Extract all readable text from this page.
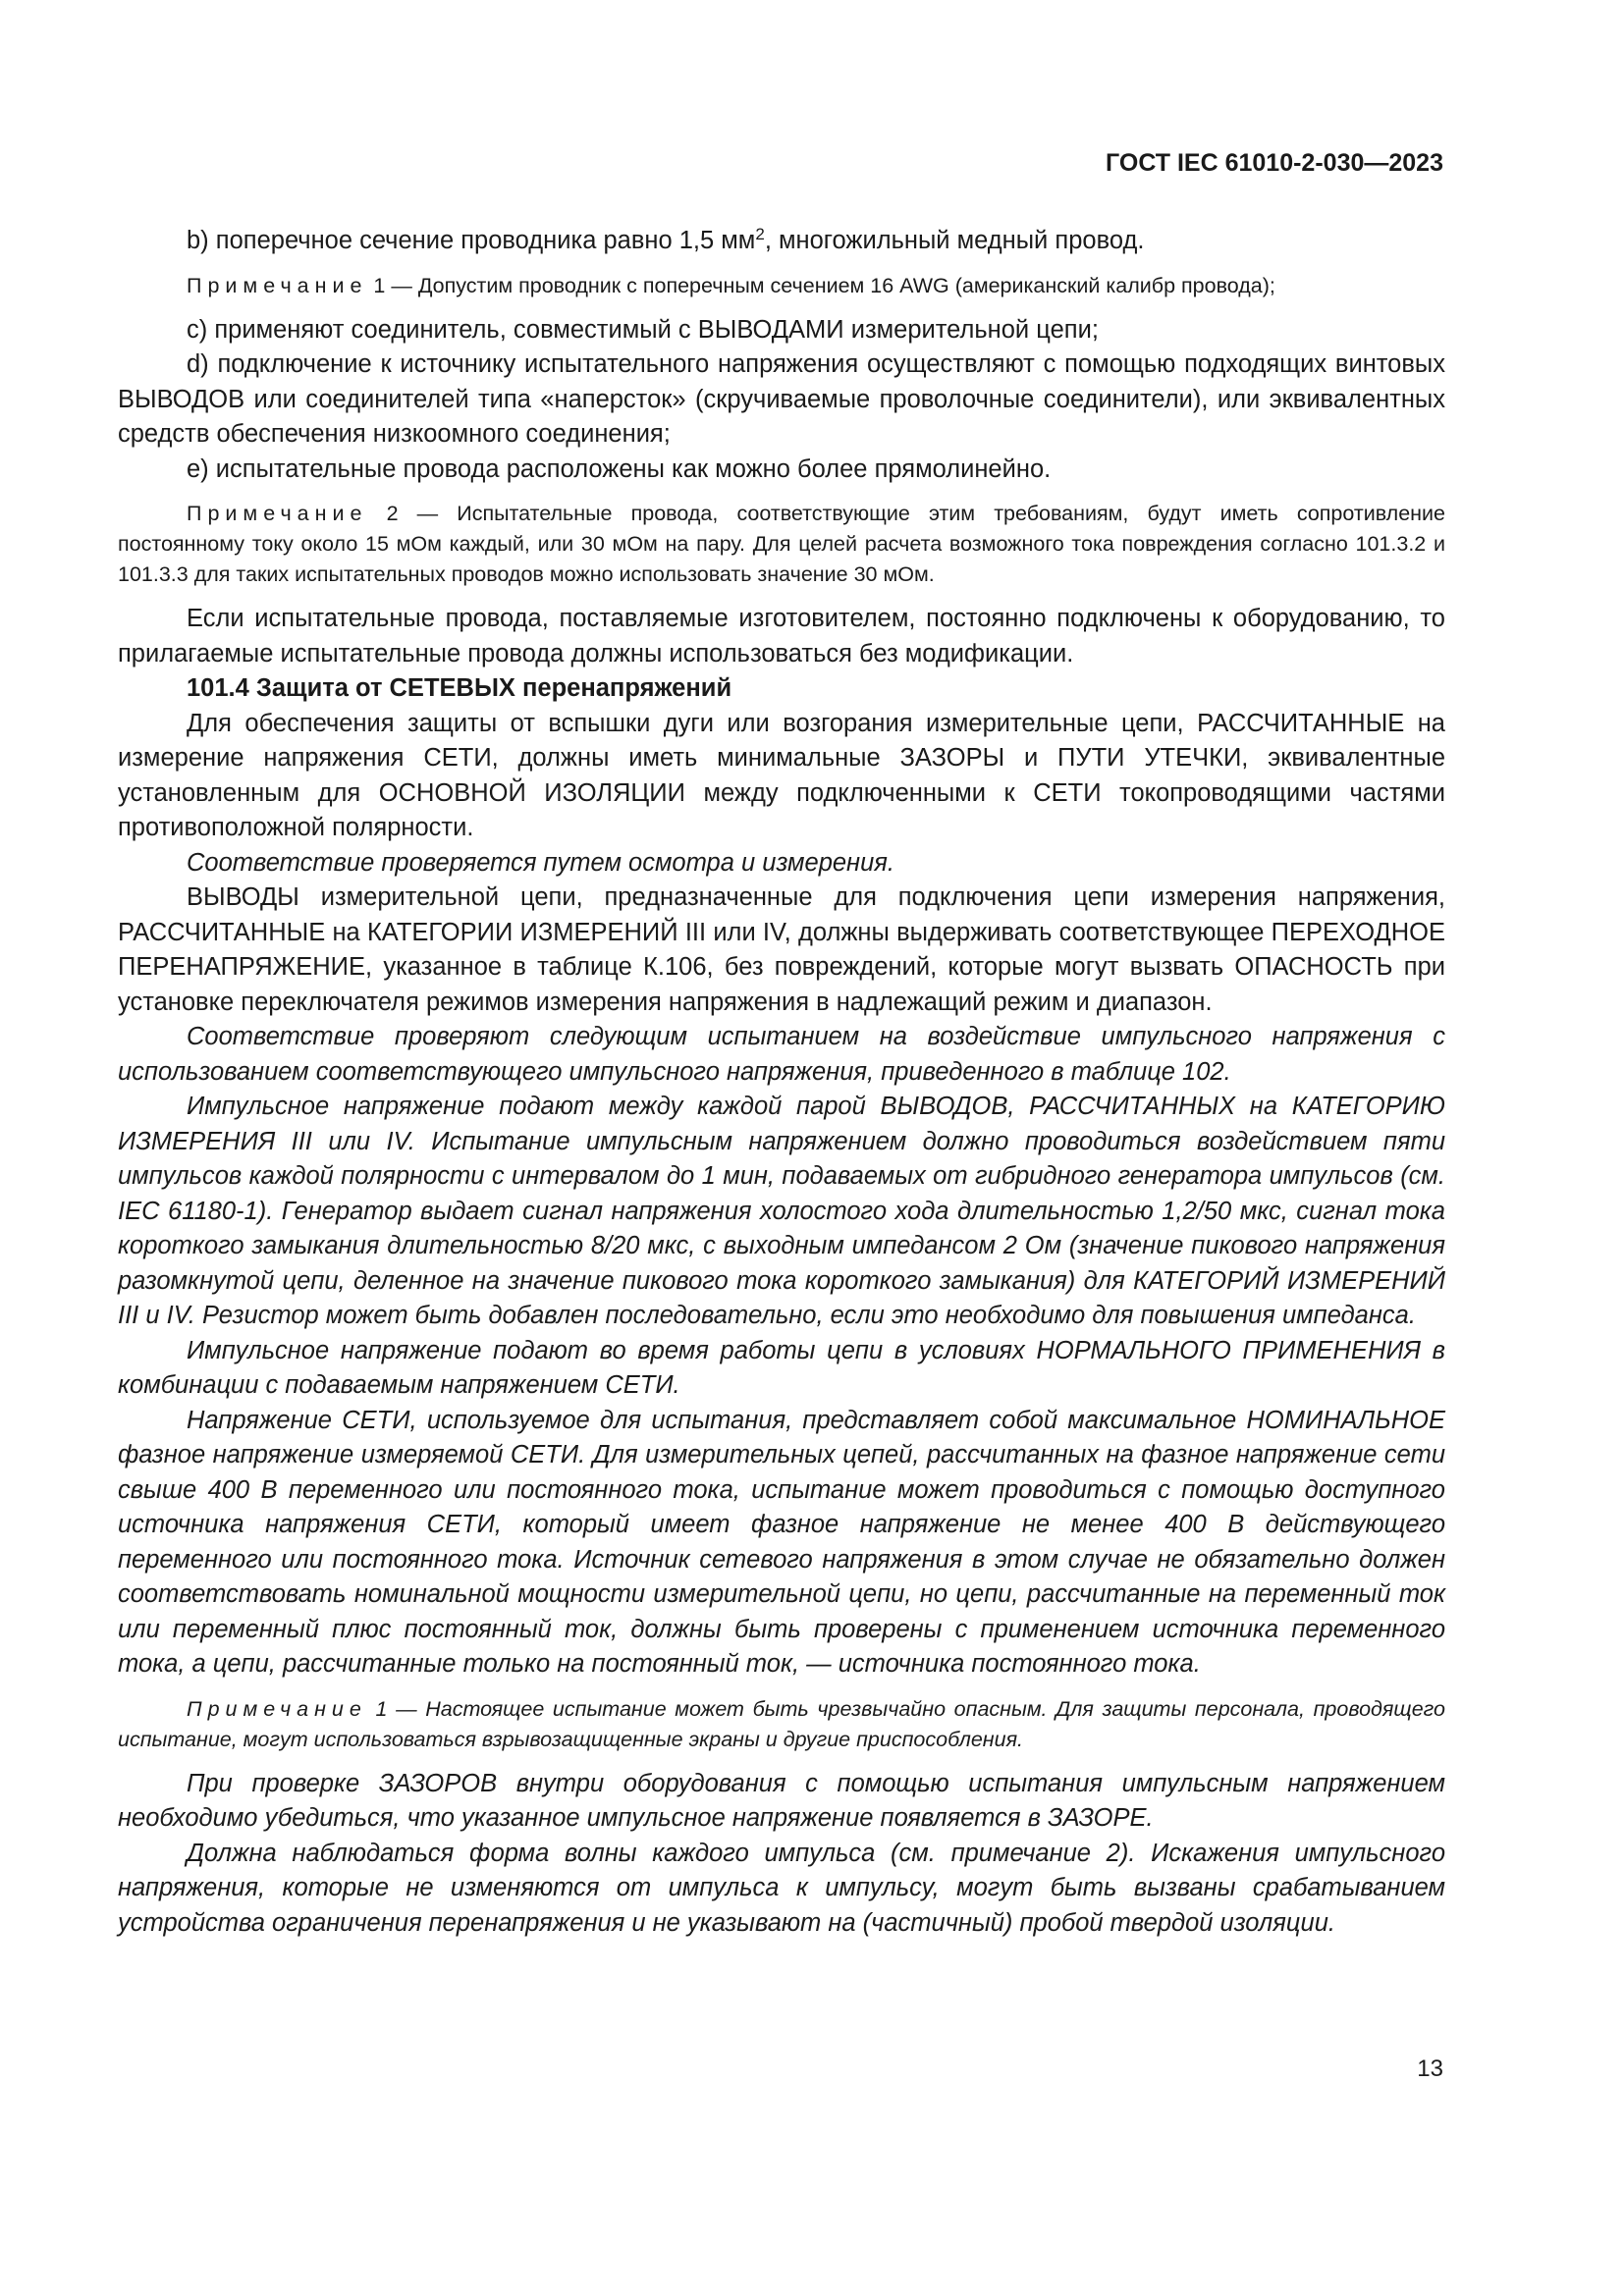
ГОСТ IEC 61010-2-030—2023

b) поперечное сечение проводника равно 1,5 $мм^2$, многожильный медный провод.

Примечание 1 — Допустим проводник с поперечным сечением 16 AWG (американский калибр провода);

c) применяют соединитель, совместимый с ВЫВОДАМИ измерительной цепи;

d) подключение к источнику испытательного напряжения осуществляют с помощью подходящих винтовых ВЫВОДОВ или соединителей типа «наперсток» (скручиваемые проволочные соединители), или эквивалентных средств обеспечения низкоомного соединения;

e) испытательные провода расположены как можно более прямолинейно.

Примечание 2 — Испытательные провода, соответствующие этим требованиям, будут иметь сопротивление постоянному току около 15 мОм каждый, или 30 мОм на пару. Для целей расчета возможного тока повреждения согласно 101.3.2 и 101.3.3 для таких испытательных проводов можно использовать значение 30 мОм.

Если испытательные провода, поставляемые изготовителем, постоянно подключены к оборудованию, то прилагаемые испытательные провода должны использоваться без модификации.

101.4 Защита от СЕТЕВЫХ перенапряжений

Для обеспечения защиты от вспышки дуги или возгорания измерительные цепи, РАССЧИТАННЫЕ на измерение напряжения СЕТИ, должны иметь минимальные ЗАЗОРЫ и ПУТИ УТЕЧКИ, эквивалентные установленным для ОСНОВНОЙ ИЗОЛЯЦИИ между подключенными к СЕТИ токопроводящими частями противоположной полярности.

Соответствие проверяется путем осмотра и измерения.

ВЫВОДЫ измерительной цепи, предназначенные для подключения цепи измерения напряжения, РАССЧИТАННЫЕ на КАТЕГОРИИ ИЗМЕРЕНИЙ III или IV, должны выдерживать соответствующее ПЕРЕХОДНОЕ ПЕРЕНАПРЯЖЕНИЕ, указанное в таблице К.106, без повреждений, которые могут вызвать ОПАСНОСТЬ при установке переключателя режимов измерения напряжения в надлежащий режим и диапазон.

Соответствие проверяют следующим испытанием на воздействие импульсного напряжения с использованием соответствующего импульсного напряжения, приведенного в таблице 102.

Импульсное напряжение подают между каждой парой ВЫВОДОВ, РАССЧИТАННЫХ на КАТЕГОРИЮ ИЗМЕРЕНИЯ III или IV. Испытание импульсным напряжением должно проводиться воздействием пяти импульсов каждой полярности с интервалом до 1 мин, подаваемых от гибридного генератора импульсов (см. IEC 61180-1). Генератор выдает сигнал напряжения холостого хода длительностью 1,2/50 мкс, сигнал тока короткого замыкания длительностью 8/20 мкс, с выходным импедансом 2 Ом (значение пикового напряжения разомкнутой цепи, деленное на значение пикового тока короткого замыкания) для КАТЕГОРИЙ ИЗМЕРЕНИЙ III и IV. Резистор может быть добавлен последовательно, если это необходимо для повышения импеданса.

Импульсное напряжение подают во время работы цепи в условиях НОРМАЛЬНОГО ПРИМЕНЕНИЯ в комбинации с подаваемым напряжением СЕТИ.

Напряжение СЕТИ, используемое для испытания, представляет собой максимальное НОМИНАЛЬНОЕ фазное напряжение измеряемой СЕТИ. Для измерительных цепей, рассчитанных на фазное напряжение сети свыше 400 В переменного или постоянного тока, испытание может проводиться с помощью доступного источника напряжения СЕТИ, который имеет фазное напряжение не менее 400 В действующего переменного или постоянного тока. Источник сетевого напряжения в этом случае не обязательно должен соответствовать номинальной мощности измерительной цепи, но цепи, рассчитанные на переменный ток или переменный плюс постоянный ток, должны быть проверены с применением источника переменного тока, а цепи, рассчитанные только на постоянный ток, — источника постоянного тока.

Примечание 1 — Настоящее испытание может быть чрезвычайно опасным. Для защиты персонала, проводящего испытание, могут использоваться взрывозащищенные экраны и другие приспособления.

При проверке ЗАЗОРОВ внутри оборудования с помощью испытания импульсным напряжением необходимо убедиться, что указанное импульсное напряжение появляется в ЗАЗОРЕ.

Должна наблюдаться форма волны каждого импульса (см. примечание 2). Искажения импульсного напряжения, которые не изменяются от импульса к импульсу, могут быть вызваны срабатыванием устройства ограничения перенапряжения и не указывают на (частичный) пробой твердой изоляции.

13
